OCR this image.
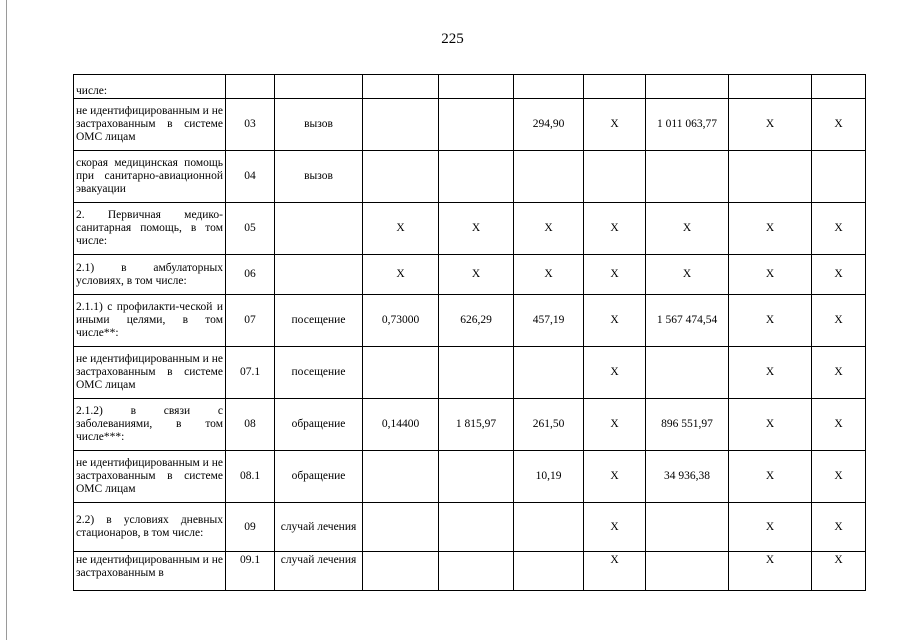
225
числе:									
не идентифицированным и не застрахованным в системе ОМС лицам	03	вызов			294,90	X	1 011 063,77	X	X
скорая медицинская помощь при санитарно-авиационной эвакуации	04	вызов							
2. Первичная медико-санитарная помощь, в том числе:	05		X	X	X	X	X	X	X
2.1) в амбулаторных условиях, в том числе:	06		X	X	X	X	X	X	X
2.1.1) с профилакти-ческой и иными целями, в том числе**:	07	посещение	0,73000	626,29	457,19	X	1 567 474,54	X	X
не идентифицированным и не застрахованным в системе ОМС лицам	07.1	посещение				X		X	X
2.1.2) в связи с заболеваниями, в том числе***:	08	обращение	0,14400	1 815,97	261,50	X	896 551,97	X	X
не идентифицированным и не застрахованным в системе ОМС лицам	08.1	обращение			10,19	X	34 936,38	X	X
2.2) в условиях дневных стационаров, в том числе:	09	случай лечения				X		X	X
не идентифицированным и не застрахованным в	09.1	случай лечения				X		X	X
